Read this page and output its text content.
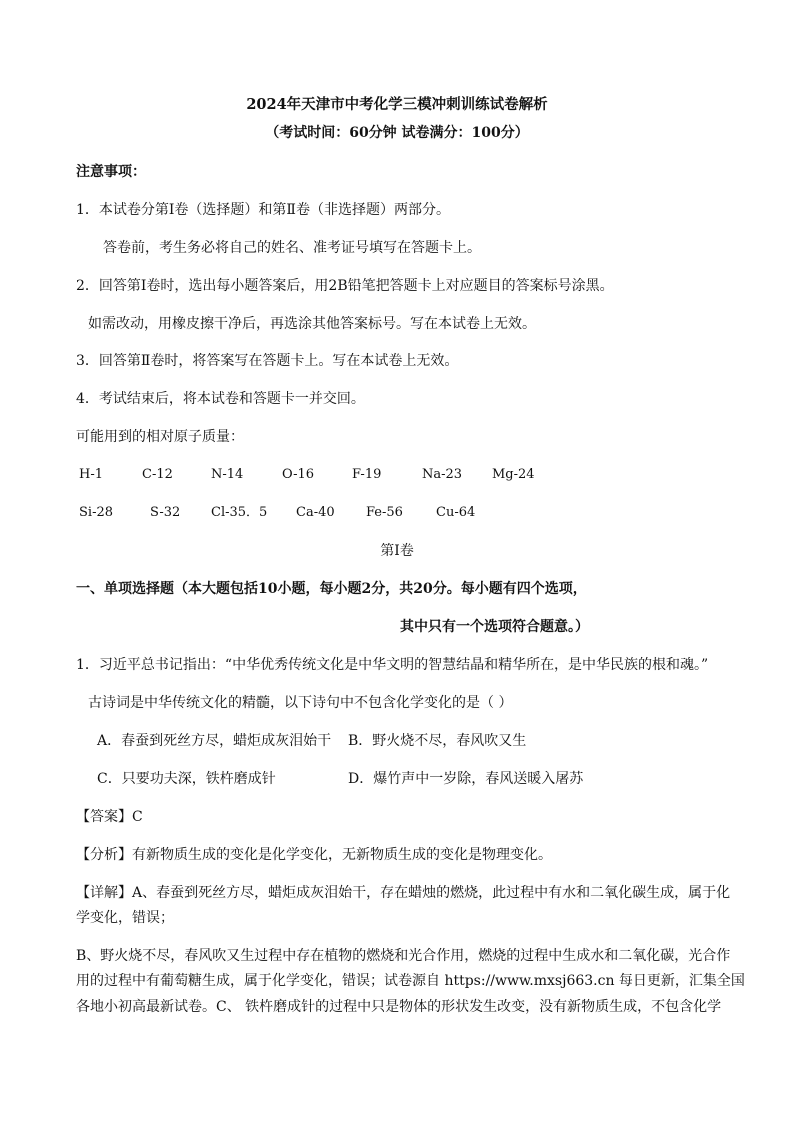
2024年天津市中考化学三模冲刺训练试卷解析
（考试时间：60分钟 试卷满分：100分）
注意事项：
1．本试卷分第Ⅰ卷（选择题）和第Ⅱ卷（非选择题）两部分。
答卷前，考生务必将自己的姓名、准考证号填写在答题卡上。
2．回答第Ⅰ卷时，选出每小题答案后，用2B铅笔把答题卡上对应题目的答案标号涂黑。
如需改动，用橡皮擦干净后，再选涂其他答案标号。写在本试卷上无效。
3．回答第Ⅱ卷时，将答案写在答题卡上。写在本试卷上无效。
4．考试结束后，将本试卷和答题卡一并交回。
可能用到的相对原子质量：
H-1	C-12	N-14	O-16	F-19	Na-23 Mg-24
Si-28	S-32 Cl-35．5 Ca-40 Fe-56	Cu-64
第Ⅰ卷
一、单项选择题（本大题包括10小题，每小题2分，共20分。每小题有四个选项，
其中只有一个选项符合题意。）
1．习近平总书记指出：“中华优秀传统文化是中华文明的智慧结晶和精华所在，是中华民族的根和魂。”
古诗词是中华传统文化的精髓，以下诗句中不包含化学变化的是（ ）
A．春蚕到死丝方尽，蜡炬成灰泪始干 B．野火烧不尽，春风吹又生
C．只要功夫深，铁杵磨成针	D．爆竹声中一岁除，春风送暖入屠苏
【答案】C
【分析】有新物质生成的变化是化学变化，无新物质生成的变化是物理变化。
【详解】A、春蚕到死丝方尽，蜡炬成灰泪始干，存在蜡烛的燃烧，此过程中有水和二氧化碳生成，属于化
学变化，错误；
B、野火烧不尽，春风吹又生过程中存在植物的燃烧和光合作用，燃烧的过程中生成水和二氧化碳，光合作
用的过程中有葡萄糖生成，属于化学变化，错误；试卷源自 https://www.mxsj663.cn 每日更新，汇集全国
各地小初高最新试卷。C、 铁杵磨成针的过程中只是物体的形状发生改变，没有新物质生成，不包含化学
